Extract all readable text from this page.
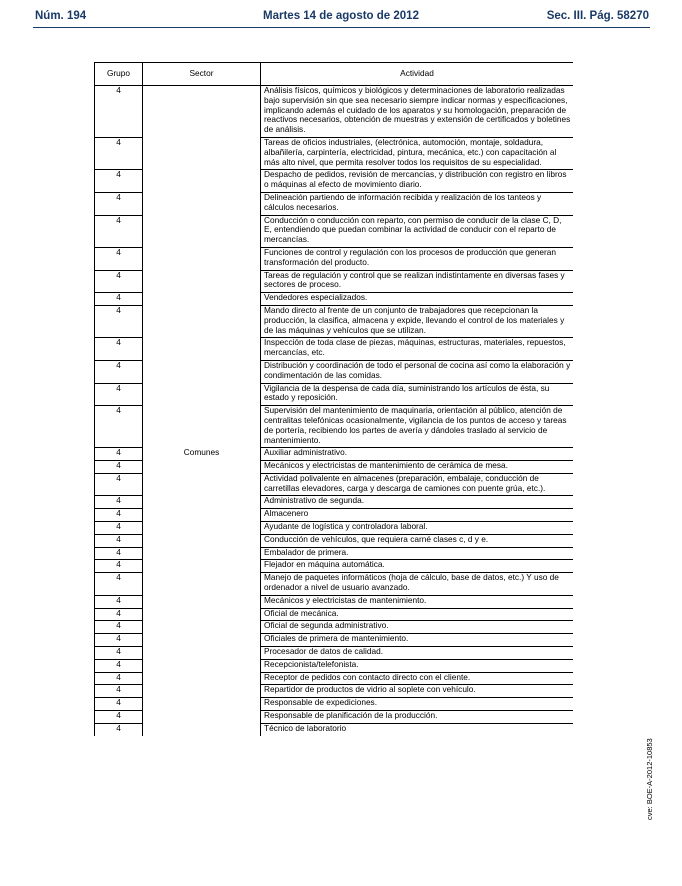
Núm. 194	Martes 14 de agosto de 2012	Sec. III. Pág. 58270
Grupo	Sector	Actividad
4		Análisis físicos, químicos y biológicos y determinaciones de laboratorio realizadas bajo supervisión sin que sea necesario siempre indicar normas y especificaciones, implicando además el cuidado de los aparatos y su homologación, preparación de reactivos necesarios, obtención de muestras y extensión de certificados y boletines de análisis.
4		Tareas de oficios industriales, (electrónica, automoción, montaje, soldadura, albañilería, carpintería, electricidad, pintura, mecánica, etc.) con capacitación al más alto nivel, que permita resolver todos los requisitos de su especialidad.
4		Despacho de pedidos, revisión de mercancías, y distribución con registro en libros o máquinas al efecto de movimiento diario.
4		Delineación partiendo de información recibida y realización de los tanteos y cálculos necesarios.
4		Conducción o conducción con reparto, con permiso de conducir de la clase C, D, E, entendiendo que puedan combinar la actividad de conducir con el reparto de mercancías.
4		Funciones de control y regulación con los procesos de producción que generan transformación del producto.
4		Tareas de regulación y control que se realizan indistintamente en diversas fases y sectores de proceso.
4		Vendedores especializados.
4		Mando directo al frente de un conjunto de trabajadores que recepcionan la producción, la clasifica, almacena y expide, llevando el control de los materiales y de las máquinas y vehículos que se utilizan.
4		Inspección de toda clase de piezas, máquinas, estructuras, materiales, repuestos, mercancías, etc.
4		Distribución y coordinación de todo el personal de cocina así como la elaboración y condimentación de las comidas.
4		Vigilancia de la despensa de cada día, suministrando los artículos de ésta, su estado y reposición.
4		Supervisión del mantenimiento de maquinaria, orientación al público, atención de centralitas telefónicas ocasionalmente, vigilancia de los puntos de acceso y tareas de portería, recibiendo los partes de avería y dándoles traslado al servicio de mantenimiento.
4	Comunes	Auxiliar administrativo.
4		Mecánicos y electricistas de mantenimiento de cerámica de mesa.
4		Actividad polivalente en almacenes (preparación, embalaje, conducción de carretillas elevadores, carga y descarga de camiones con puente grúa, etc.).
4		Administrativo de segunda.
4		Almacenero
4		Ayudante de logística y controladora laboral.
4		Conducción de vehículos, que requiera carné clases c, d y e.
4		Embalador de primera.
4		Flejador en máquina automática.
4		Manejo de paquetes informáticos (hoja de cálculo, base de datos, etc.) Y uso de ordenador a nivel de usuario avanzado.
4		Mecánicos y electricistas de mantenimiento.
4		Oficial de mecánica.
4		Oficial de segunda administrativo.
4		Oficiales de primera de mantenimiento.
4		Procesador de datos de calidad.
4		Recepcionista/telefonista.
4		Receptor de pedidos con contacto directo con el cliente.
4		Repartidor de productos de vidrio al soplete con vehículo.
4		Responsable de expediciones.
4		Responsable de planificación de la producción.
4		Técnico de laboratorio
cve: BOE-A-2012-10853
